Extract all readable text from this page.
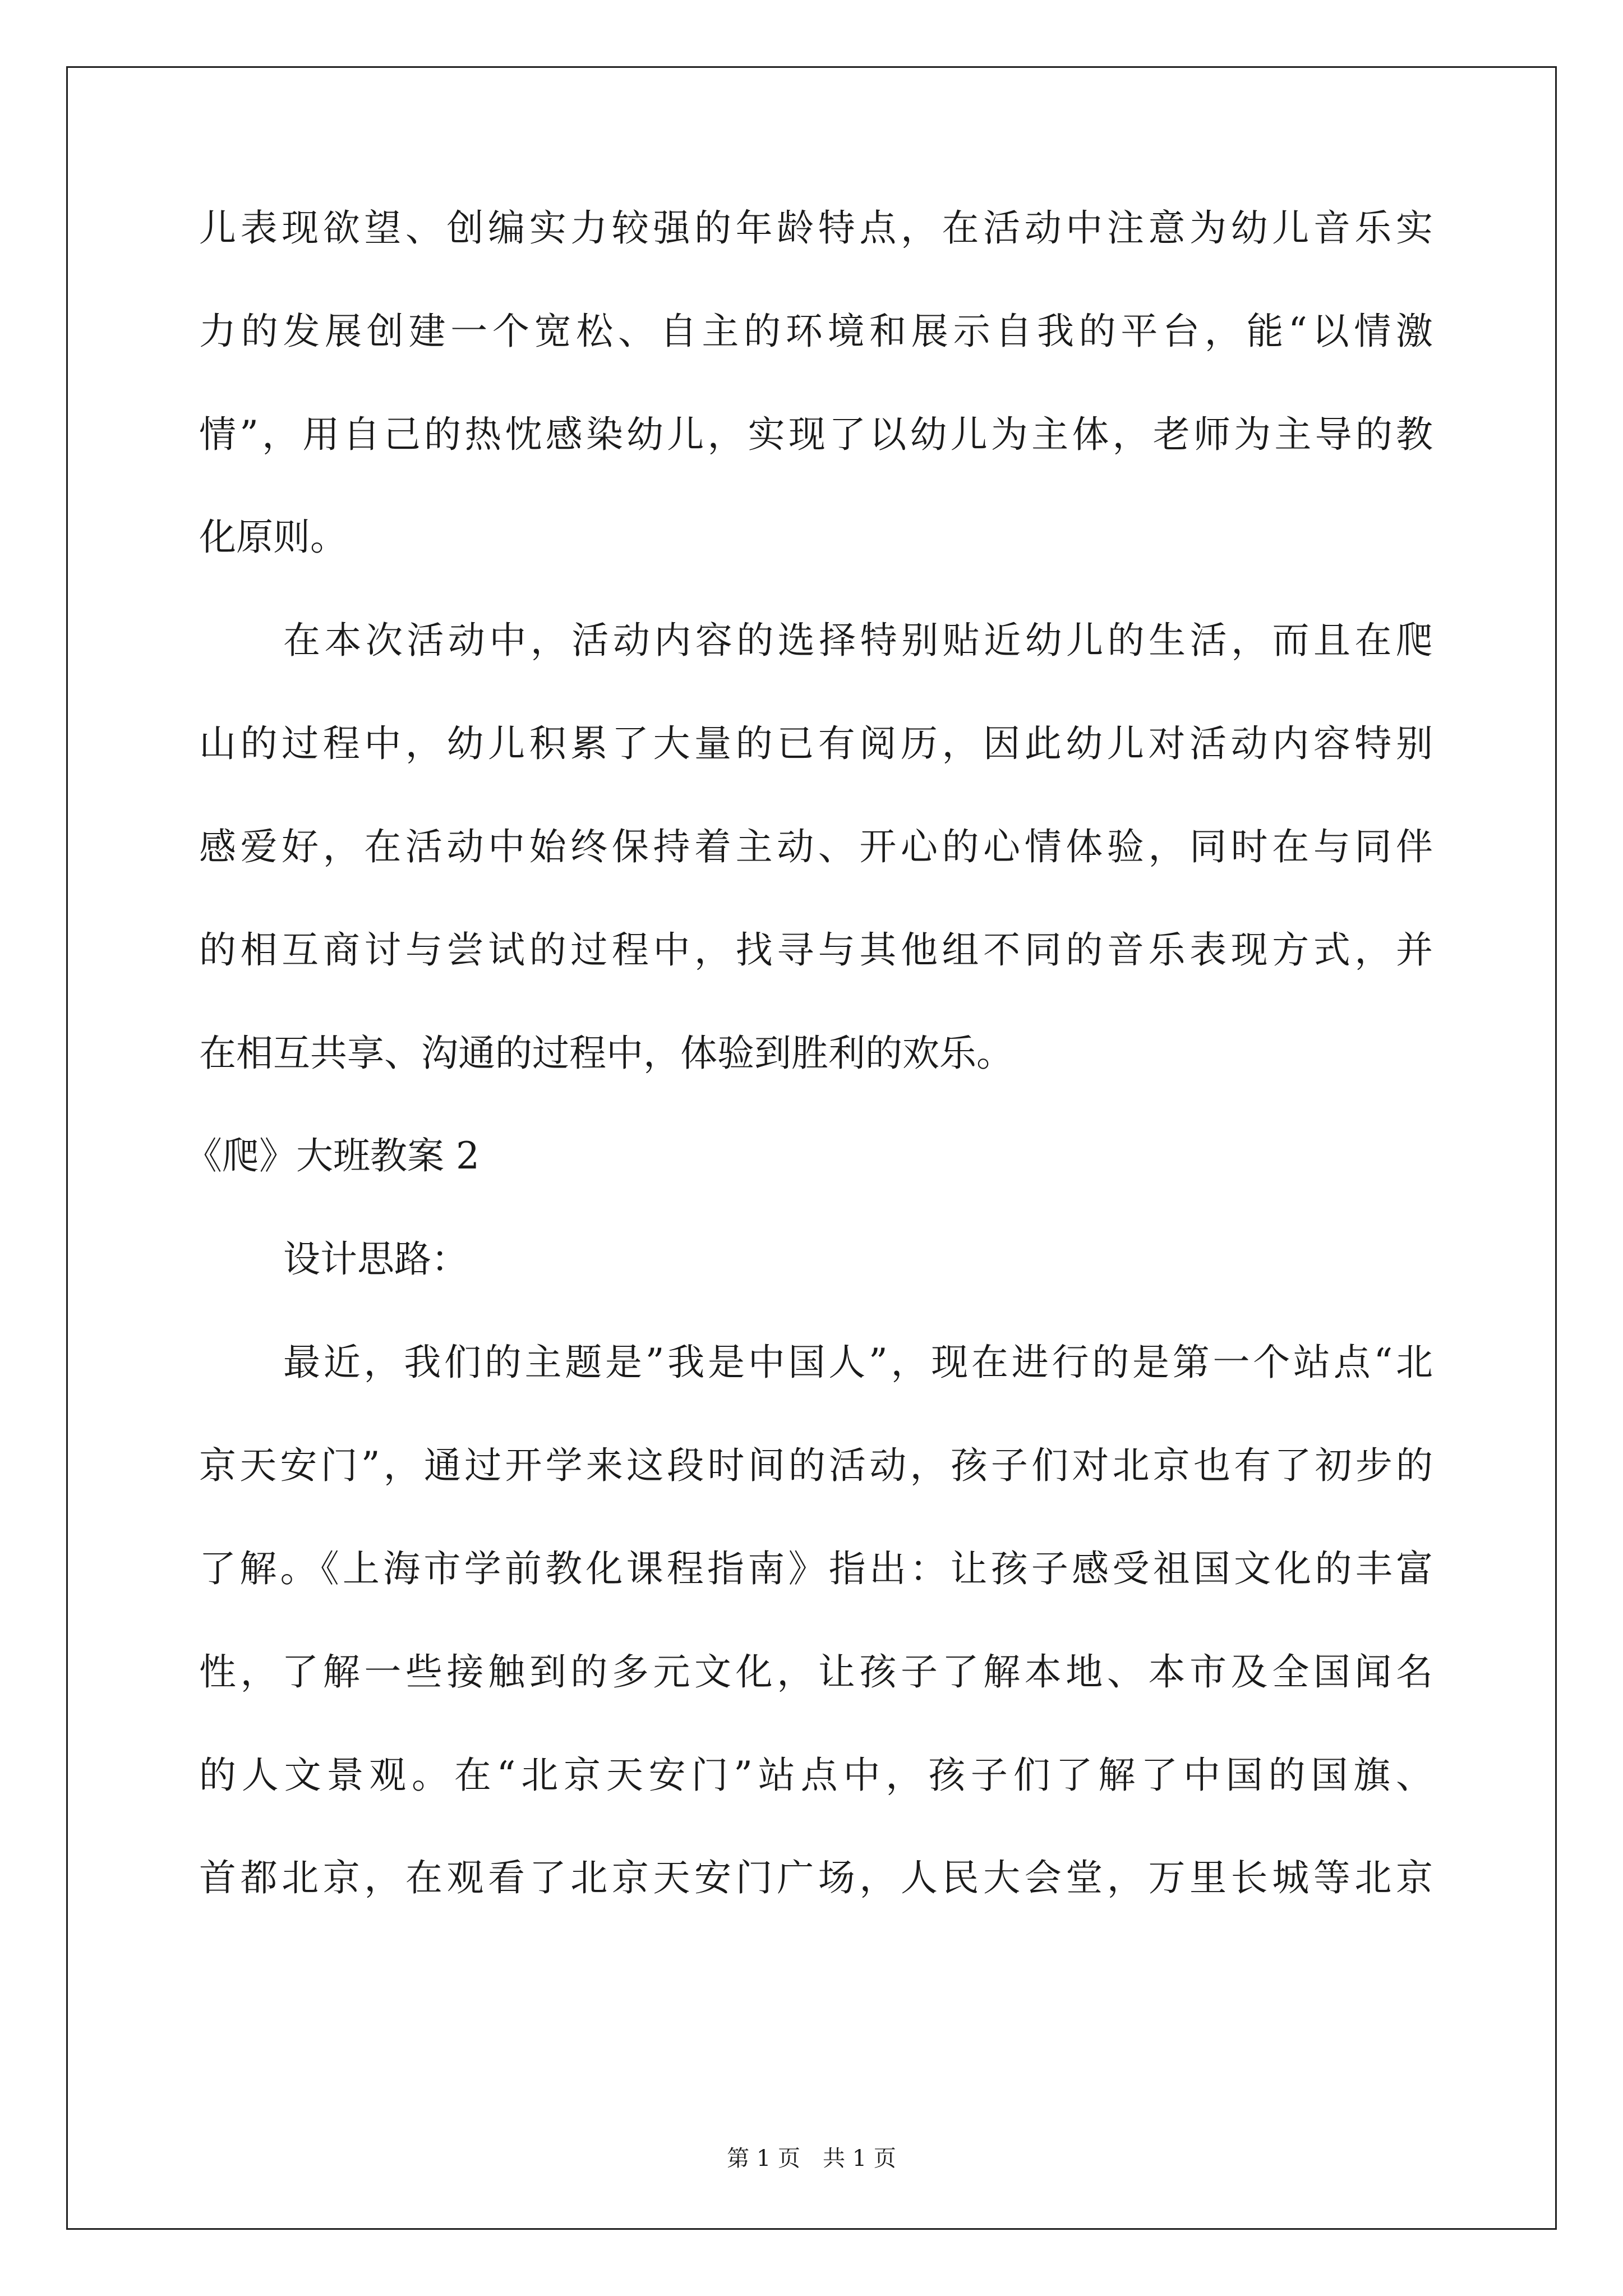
儿表现欲望、创编实力较强的年龄特点，在活动中注意为幼儿音乐实

力的发展创建一个宽松、自主的环境和展示自我的平台，能“以情激

情”，用自己的热忱感染幼儿，实现了以幼儿为主体，老师为主导的教

化原则。

在本次活动中，活动内容的选择特别贴近幼儿的生活，而且在爬

山的过程中，幼儿积累了大量的已有阅历，因此幼儿对活动内容特别

感爱好，在活动中始终保持着主动、开心的心情体验，同时在与同伴

的相互商讨与尝试的过程中，找寻与其他组不同的音乐表现方式，并

在相互共享、沟通的过程中，体验到胜利的欢乐。

《爬》大班教案 2

设计思路：

最近，我们的主题是”我是中国人”，现在进行的是第一个站点“北

京天安门”，通过开学来这段时间的活动，孩子们对北京也有了初步的

了解。《上海市学前教化课程指南》指出：让孩子感受祖国文化的丰富

性，了解一些接触到的多元文化，让孩子了解本地、本市及全国闻名

的人文景观。在“北京天安门”站点中，孩子们了解了中国的国旗、

首都北京，在观看了北京天安门广场，人民大会堂，万里长城等北京

第 1 页　共 1 页
